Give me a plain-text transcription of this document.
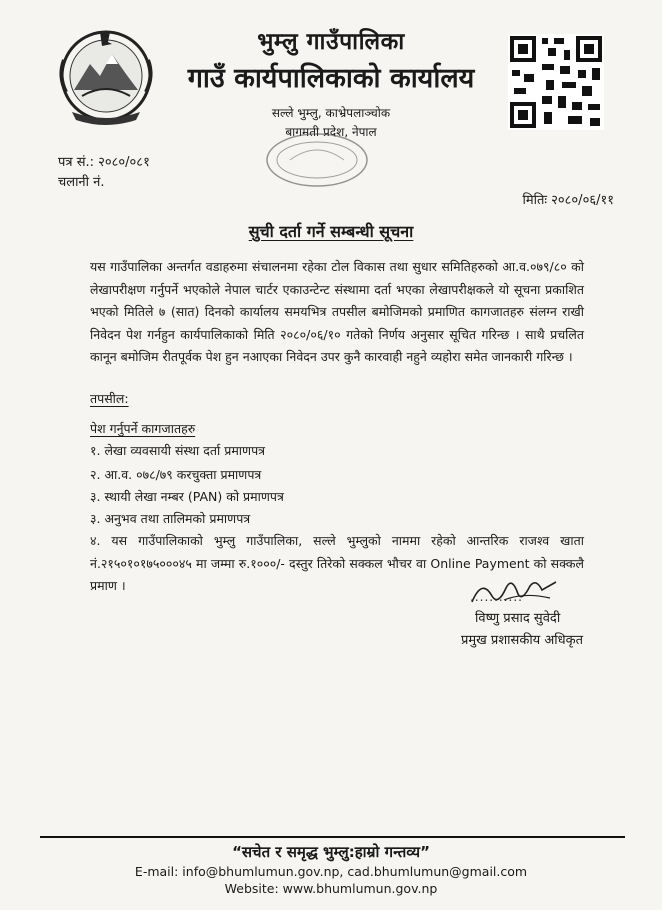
भुम्लु गाउँपालिका
गाउँ कार्यपालिकाको कार्यालय
सल्ले भुम्लु, काभ्रेपलाञ्चोक
बागमती प्रदेश, नेपाल
पत्र सं.: २०८०/०८१
चलानी नं.
मितिः २०८०/०६/११
सुची दर्ता गर्ने सम्बन्धी सूचना
यस गाउँपालिका अन्तर्गत वडाहरुमा संचालनमा रहेका टोल विकास तथा सुधार समितिहरुको आ.व.०७९/८० को लेखापरीक्षण गर्नुपर्ने भएकोले नेपाल चार्टर एकाउन्टेन्ट संस्थामा दर्ता भएका लेखापरीक्षकले यो सूचना प्रकाशित भएको मितिले ७ (सात) दिनको कार्यालय समयभित्र तपसील बमोजिमको प्रमाणित कागजातहरु संलग्न राखी निवेदन पेश गर्नहुन कार्यपालिकाको मिति २०८०/०६/१० गतेको निर्णय अनुसार सूचित गरिन्छ । साथै प्रचलित कानून बमोजिम रीतपूर्वक पेश हुन नआएका निवेदन उपर कुनै कारवाही नहुने व्यहोरा समेत जानकारी गरिन्छ ।
तपसील:
पेश गर्नुपर्ने कागजातहरु
१. लेखा व्यवसायी संस्था दर्ता प्रमाणपत्र
२. आ.व. ०७८/७९ करचुक्ता प्रमाणपत्र
३. स्थायी लेखा नम्बर (PAN) को प्रमाणपत्र
३. अनुभव तथा तालिमको प्रमाणपत्र
४. यस गाउँपालिकाको भुम्लु गाउँपालिका, सल्ले भुम्लुको नाममा रहेको आन्तरिक राजश्व खाता नं.२१५०१०१७५०००४५ मा जम्मा रु.१०००/- दस्तुर तिरेको सक्कल भौचर वा Online Payment को सक्कलै प्रमाण ।
...........
विष्णु प्रसाद सुवेदी
प्रमुख प्रशासकीय अधिकृत
“सचेत र समृद्ध भुम्लु:हाम्रो गन्तव्य”
E-mail: info@bhumlumun.gov.np, cad.bhumlumun@gmail.com
Website: www.bhumlumun.gov.np
